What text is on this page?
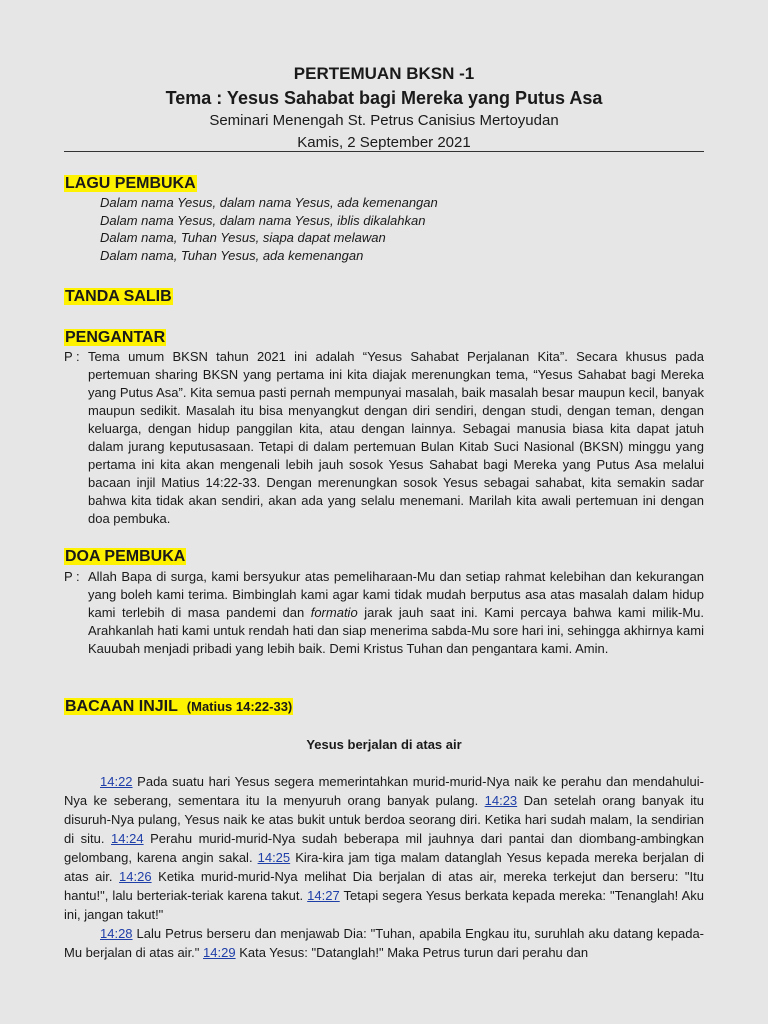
PERTEMUAN BKSN -1
Tema : Yesus Sahabat bagi Mereka yang Putus Asa
Seminari Menengah St. Petrus Canisius Mertoyudan
Kamis, 2 September 2021
LAGU PEMBUKA
Dalam nama Yesus, dalam nama Yesus, ada kemenangan
Dalam nama Yesus, dalam nama Yesus, iblis dikalahkan
Dalam nama, Tuhan Yesus, siapa dapat melawan
Dalam nama, Tuhan Yesus, ada kemenangan
TANDA SALIB
PENGANTAR
P : Tema umum BKSN tahun 2021 ini adalah “Yesus Sahabat Perjalanan Kita”. Secara khusus pada pertemuan sharing BKSN yang pertama ini kita diajak merenungkan tema, “Yesus Sahabat bagi Mereka yang Putus Asa”. Kita semua pasti pernah mempunyai masalah, baik masalah besar maupun kecil, banyak maupun sedikit. Masalah itu bisa menyangkut dengan diri sendiri, dengan studi, dengan teman, dengan keluarga, dengan hidup panggilan kita, atau dengan lainnya. Sebagai manusia biasa kita dapat jatuh dalam jurang keputusasaan. Tetapi di dalam pertemuan Bulan Kitab Suci Nasional (BKSN) minggu yang pertama ini kita akan mengenali lebih jauh sosok Yesus Sahabat bagi Mereka yang Putus Asa melalui bacaan injil Matius 14:22-33. Dengan merenungkan sosok Yesus sebagai sahabat, kita semakin sadar bahwa kita tidak akan sendiri, akan ada yang selalu menemani. Marilah kita awali pertemuan ini dengan doa pembuka.
DOA PEMBUKA
P : Allah Bapa di surga, kami bersyukur atas pemeliharaan-Mu dan setiap rahmat kelebihan dan kekurangan yang boleh kami terima. Bimbinglah kami agar kami tidak mudah berputus asa atas masalah dalam hidup kami terlebih di masa pandemi dan formatio jarak jauh saat ini. Kami percaya bahwa kami milik-Mu. Arahkanlah hati kami untuk rendah hati dan siap menerima sabda-Mu sore hari ini, sehingga akhirnya kami Kauubah menjadi pribadi yang lebih baik. Demi Kristus Tuhan dan pengantara kami. Amin.
BACAAN INJIL (Matius 14:22-33)
Yesus berjalan di atas air

14:22 Pada suatu hari Yesus segera memerintahkan murid-murid-Nya naik ke perahu dan mendahului-Nya ke seberang, sementara itu Ia menyuruh orang banyak pulang. 14:23 Dan setelah orang banyak itu disuruh-Nya pulang, Yesus naik ke atas bukit untuk berdoa seorang diri. Ketika hari sudah malam, Ia sendirian di situ. 14:24 Perahu murid-murid-Nya sudah beberapa mil jauhnya dari pantai dan diombang-ambingkan gelombang, karena angin sakal. 14:25 Kira-kira jam tiga malam datanglah Yesus kepada mereka berjalan di atas air. 14:26 Ketika murid-murid-Nya melihat Dia berjalan di atas air, mereka terkejut dan berseru: "Itu hantu!", lalu berteriak-teriak karena takut. 14:27 Tetapi segera Yesus berkata kepada mereka: "Tenanglah! Aku ini, jangan takut!"

14:28 Lalu Petrus berseru dan menjawab Dia: "Tuhan, apabila Engkau itu, suruhlah aku datang kepada-Mu berjalan di atas air." 14:29 Kata Yesus: "Datanglah!" Maka Petrus turun dari perahu dan
